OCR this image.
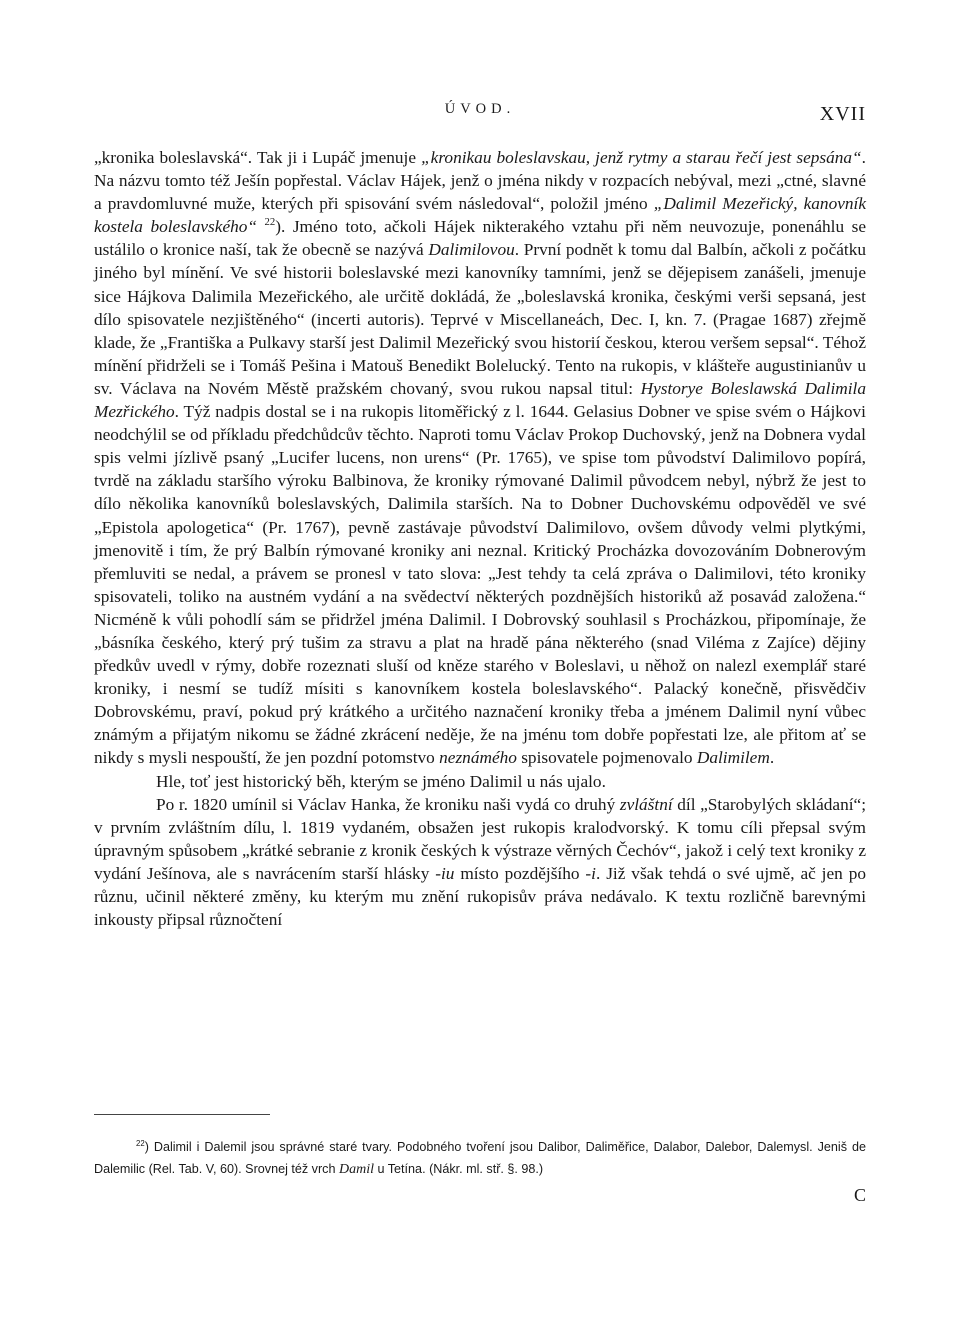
ÚVOD.	XVII

„kronika boleslavská“. Tak ji i Lupáč jmenuje „kronikau boleslavskau, jenž rytmy a starau řečí jest sepsána“. Na názvu tomto též Ješín popřestal. Václav Hájek, jenž o jména nikdy v rozpacích nebýval, mezi „ctné, slavné a pravdomluvné muže, kterých při spisování svém následoval“, položil jméno „Dalimil Mezeřický, kanovník kostela boleslavského“ $^{22}$). Jméno toto, ačkoli Hájek nikterakého vztahu při něm neuvozuje, ponenáhlu se ustálilo o kronice naší, tak že obecně se nazývá Dalimilovou. První podnět k tomu dal Balbín, ačkoli z počátku jiného byl mínění. Ve své historii boleslavské mezi kanovníky tamními, jenž se dějepisem zanášeli, jmenuje sice Hájkova Dalimila Mezeřického, ale určitě dokládá, že „boleslavská kronika, českými verši sepsaná, jest dílo spisovatele nezjištěného“ (incerti autoris). Teprvé v Miscellaneách, Dec. I, kn. 7. (Pragae 1687) zřejmě klade, že „Františka a Pulkavy starší jest Dalimil Mezeřický svou historií českou, kterou veršem sepsal“. Téhož mínění přidrželi se i Tomáš Pešina i Matouš Benedikt Bolelucký. Tento na rukopis, v klášteře augustinianův u sv. Václava na Novém Městě pražském chovaný, svou rukou napsal titul: Hystorye Boleslawská Dalimila Mezřického. Týž nadpis dostal se i na rukopis litoměřický z l. 1644. Gelasius Dobner ve spise svém o Hájkovi neodchýlil se od příkladu předchůdcův těchto. Naproti tomu Václav Prokop Duchovský, jenž na Dobnera vydal spis velmi jízlivě psaný „Lucifer lucens, non urens“ (Pr. 1765), ve spise tom původství Dalimilovo popírá, tvrdě na základu staršího výroku Balbinova, že kroniky rýmované Dalimil původcem nebyl, nýbrž že jest to dílo několika kanovníků boleslavských, Dalimila starších. Na to Dobner Duchovskému odpověděl ve své „Epistola apologetica“ (Pr. 1767), pevně zastávaje původství Dalimilovo, ovšem důvody velmi plytkými, jmenovitě i tím, že prý Balbín rýmované kroniky ani neznal. Kritický Procházka dovozováním Dobnerovým přemluviti se nedal, a právem se pronesl v tato slova: „Jest tehdy ta celá zpráva o Dalimilovi, této kroniky spisovateli, toliko na austném vydání a na svědectví některých pozdnějších historiků až posavád založena.“ Nicméně k vůli pohodlí sám se přidržel jména Dalimil. I Dobrovský souhlasil s Procházkou, připomínaje, že „básníka českého, který prý tušim za stravu a plat na hradě pána některého (snad Viléma z Zajíce) dějiny předkův uvedl v rýmy, dobře rozeznati sluší od kněze starého v Boleslavi, u něhož on nalezl exemplář staré kroniky, i nesmí se tudíž mísiti s kanovníkem kostela boleslavského“. Palacký konečně, přisvědčiv Dobrovskému, praví, pokud prý krátkého a určitého naznačení kroniky třeba a jménem Dalimil nyní vůbec známým a přijatým nikomu se žádné zkrácení neděje, že na jménu tom dobře popřestati lze, ale přitom ať se nikdy s mysli nespouští, že jen pozdní potomstvo neznámého spisovatele pojmenovalo Dalimilem.

Hle, toť jest historický běh, kterým se jméno Dalimil u nás ujalo.

Po r. 1820 umínil si Václav Hanka, že kroniku naši vydá co druhý zvláštní díl „Starobylých skládaní“; v prvním zvláštním dílu, l. 1819 vydaném, obsažen jest rukopis kralodvorský. K tomu cíli přepsal svým úpravným spůsobem „krátké sebranie z kronik českých k výstraze věrných Čechóv“, jakož i celý text kroniky z vydání Ješínova, ale s navrácením starší hlásky -iu místo pozdějšího -i. Již však tehdá o své ujmě, ač jen po různu, učinil některé změny, ku kterým mu znění rukopisův práva nedávalo. K textu rozličně barevnými inkousty připsal různočtení

$^{22}$) Dalimil i Dalemil jsou správné staré tvary. Podobného tvoření jsou Dalibor, Daliměřice, Dalabor, Dalebor, Dalemysl. Jeniš de Dalemilic (Rel. Tab. V, 60). Srovnej též vrch Damil u Tetína. (Nákr. ml. stř. §. 98.)
C
